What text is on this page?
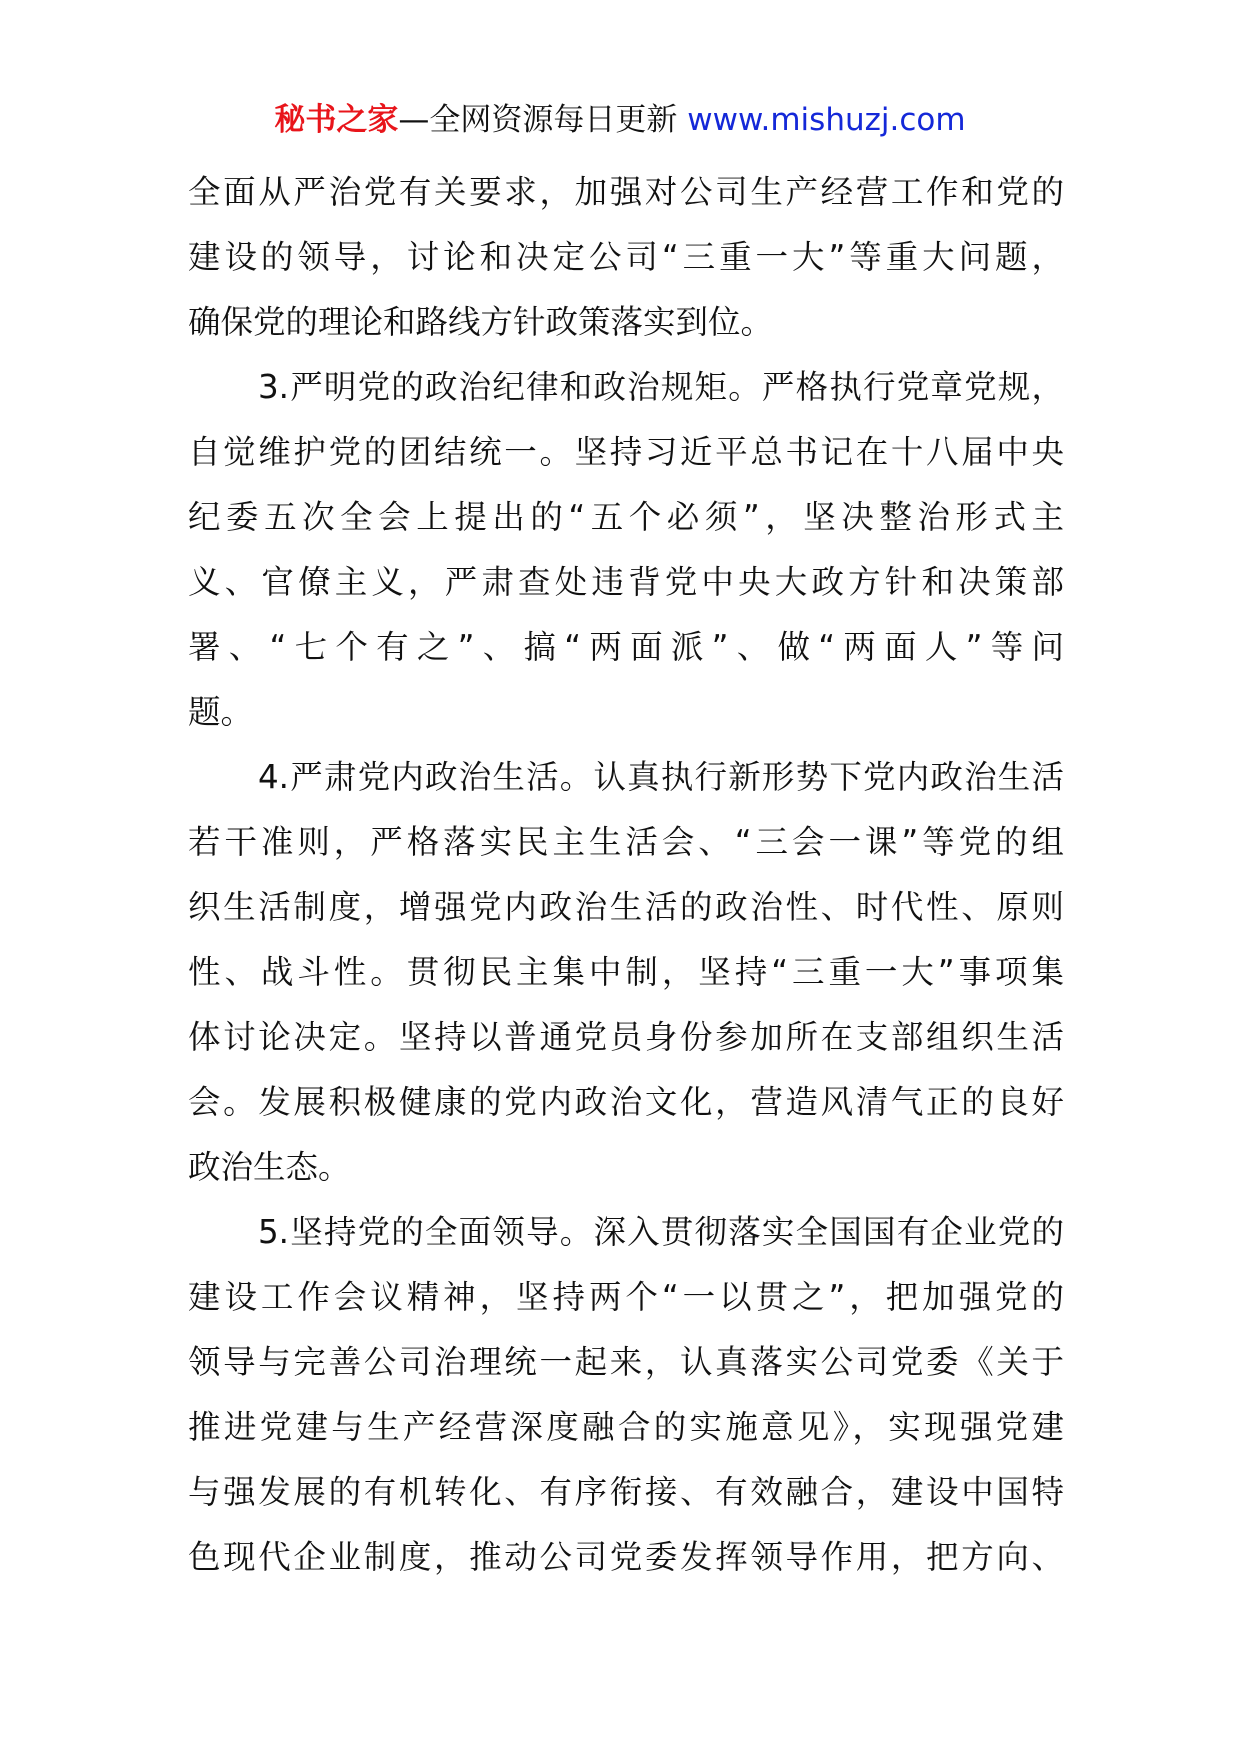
秘书之家—全网资源每日更新 www.mishuzj.com
全面从严治党有关要求，加强对公司生产经营工作和党的
建设的领导，讨论和决定公司“三重一大”等重大问题，
确保党的理论和路线方针政策落实到位。
3.严明党的政治纪律和政治规矩。严格执行党章党规，
自觉维护党的团结统一。坚持习近平总书记在十八届中央
纪委五次全会上提出的“五个必须”，坚决整治形式主
义、官僚主义，严肃查处违背党中央大政方针和决策部
署、“七个有之”、搞“两面派”、做“两面人”等问
题。
4.严肃党内政治生活。认真执行新形势下党内政治生活
若干准则，严格落实民主生活会、“三会一课”等党的组
织生活制度，增强党内政治生活的政治性、时代性、原则
性、战斗性。贯彻民主集中制，坚持“三重一大”事项集
体讨论决定。坚持以普通党员身份参加所在支部组织生活
会。发展积极健康的党内政治文化，营造风清气正的良好
政治生态。
5.坚持党的全面领导。深入贯彻落实全国国有企业党的
建设工作会议精神，坚持两个“一以贯之”，把加强党的
领导与完善公司治理统一起来，认真落实公司党委《关于
推进党建与生产经营深度融合的实施意见》，实现强党建
与强发展的有机转化、有序衔接、有效融合，建设中国特
色现代企业制度，推动公司党委发挥领导作用，把方向、
